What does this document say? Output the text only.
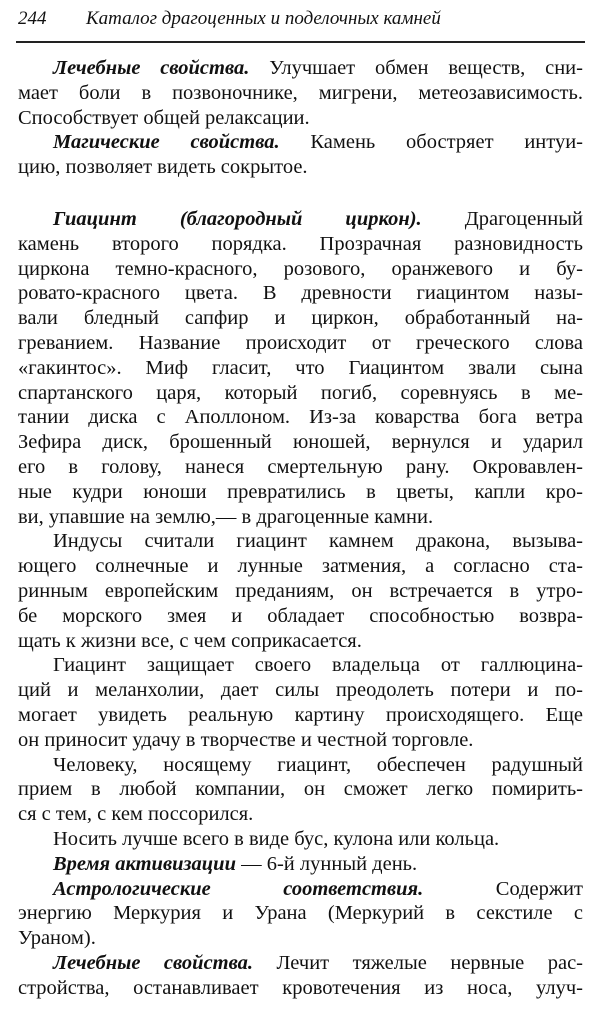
244 Каталог драгоценных и поделочных камней
Лечебные свойства. Улучшает обмен веществ, сни-
мает боли в позвоночнике, мигрени, метеозависимость.
Способствует общей релаксации.
Магические свойства. Камень обостряет интуи-
цию, позволяет видеть сокрытое.
Гиацинт (благородный циркон). Драгоценный
камень второго порядка. Прозрачная разновидность
циркона темно-красного, розового, оранжевого и бу-
ровато-красного цвета. В древности гиацинтом назы-
вали бледный сапфир и циркон, обработанный на-
греванием. Название происходит от греческого слова
«гакинтос». Миф гласит, что Гиацинтом звали сына
спартанского царя, который погиб, соревнуясь в ме-
тании диска с Аполлоном. Из-за коварства бога ветра
Зефира диск, брошенный юношей, вернулся и ударил
его в голову, нанеся смертельную рану. Окровавлен-
ные кудри юноши превратились в цветы, капли кро-
ви, упавшие на землю,— в драгоценные камни.
Индусы считали гиацинт камнем дракона, вызыва-
ющего солнечные и лунные затмения, а согласно ста-
ринным европейским преданиям, он встречается в утро-
бе морского змея и обладает способностью возвра-
щать к жизни все, с чем соприкасается.
Гиацинт защищает своего владельца от галлюцина-
ций и меланхолии, дает силы преодолеть потери и по-
могает увидеть реальную картину происходящего. Еще
он приносит удачу в творчестве и честной торговле.
Человеку, носящему гиацинт, обеспечен радушный
прием в любой компании, он сможет легко помирить-
ся с тем, с кем поссорился.
Носить лучше всего в виде бус, кулона или кольца.
Время активизации — 6-й лунный день.
Астрологические соответствия. Содержит
энергию Меркурия и Урана (Меркурий в секстиле с
Ураном).
Лечебные свойства. Лечит тяжелые нервные рас-
стройства, останавливает кровотечения из носа, улуч-
